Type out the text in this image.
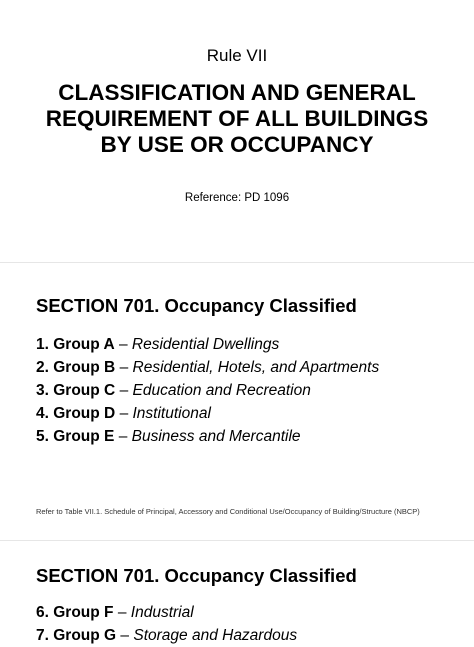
Rule VII
CLASSIFICATION AND GENERAL REQUIREMENT OF ALL BUILDINGS BY USE OR OCCUPANCY
Reference: PD 1096
SECTION 701. Occupancy Classified
1. Group A – Residential Dwellings
2. Group B – Residential, Hotels, and Apartments
3. Group C – Education and Recreation
4. Group D – Institutional
5. Group E – Business and Mercantile
Refer to Table VII.1. Schedule of Principal, Accessory and Conditional Use/Occupancy of Building/Structure (NBCP)
SECTION 701. Occupancy Classified
6. Group F – Industrial
7. Group G – Storage and Hazardous
